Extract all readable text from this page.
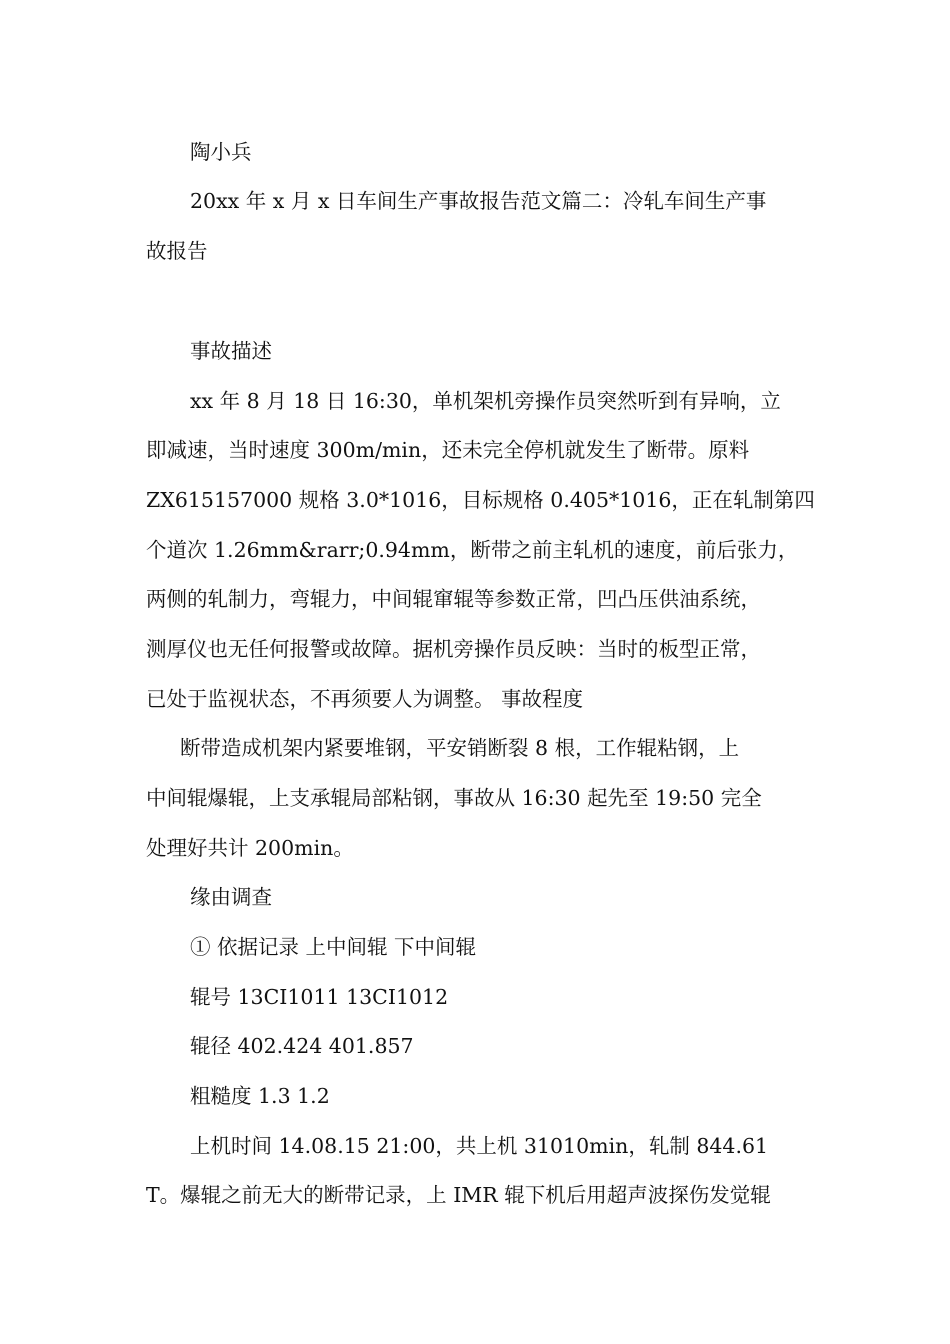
陶小兵
20xx 年 x 月 x 日车间生产事故报告范文篇二：冷轧车间生产事
故报告
事故描述
xx 年 8 月 18 日 16:30，单机架机旁操作员突然听到有异响，立
即减速，当时速度 300m/min，还未完全停机就发生了断带。原料
ZX615157000 规格 3.0*1016，目标规格 0.405*1016，正在轧制第四
个道次 1.26mm&rarr;0.94mm，断带之前主轧机的速度，前后张力，
两侧的轧制力，弯辊力，中间辊窜辊等参数正常，凹凸压供油系统，
测厚仪也无任何报警或故障。据机旁操作员反映：当时的板型正常，
已处于监视状态，不再须要人为调整。 事故程度
断带造成机架内紧要堆钢，平安销断裂 8 根，工作辊粘钢，上
中间辊爆辊，上支承辊局部粘钢，事故从 16:30 起先至 19:50 完全
处理好共计 200min。
缘由调查
① 依据记录 上中间辊 下中间辊
辊号 13CI1011 13CI1012
辊径 402.424 401.857
粗糙度 1.3 1.2
上机时间 14.08.15 21:00，共上机 31010min，轧制 844.61
T。爆辊之前无大的断带记录，上 IMR 辊下机后用超声波探伤发觉辊
